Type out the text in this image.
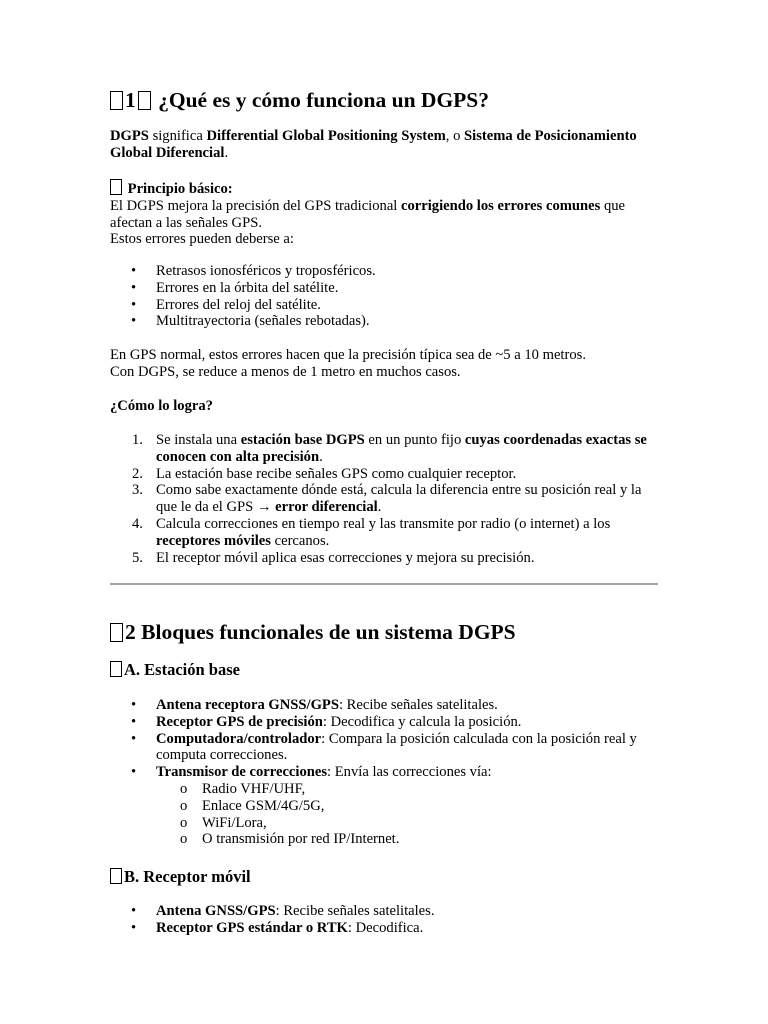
1 ¿Qué es y cómo funciona un DGPS?

DGPS significa Differential Global Positioning System, o Sistema de Posicionamiento Global Diferencial.

Principio básico:
El DGPS mejora la precisión del GPS tradicional corrigiendo los errores comunes que afectan a las señales GPS.
Estos errores pueden deberse a:

• Retrasos ionosféricos y troposféricos.
• Errores en la órbita del satélite.
• Errores del reloj del satélite.
• Multitrayectoria (señales rebotadas).

En GPS normal, estos errores hacen que la precisión típica sea de ~5 a 10 metros.
Con DGPS, se reduce a menos de 1 metro en muchos casos.

¿Cómo lo logra?

1. Se instala una estación base DGPS en un punto fijo cuyas coordenadas exactas se conocen con alta precisión.
2. La estación base recibe señales GPS como cualquier receptor.
3. Como sabe exactamente dónde está, calcula la diferencia entre su posición real y la que le da el GPS → error diferencial.
4. Calcula correcciones en tiempo real y las transmite por radio (o internet) a los receptores móviles cercanos.
5. El receptor móvil aplica esas correcciones y mejora su precisión.
2 Bloques funcionales de un sistema DGPS
A. Estación base
• Antena receptora GNSS/GPS: Recibe señales satelitales.
• Receptor GPS de precisión: Decodifica y calcula la posición.
• Computadora/controlador: Compara la posición calculada con la posición real y computa correcciones.
• Transmisor de correcciones: Envía las correcciones vía:
o Radio VHF/UHF,
o Enlace GSM/4G/5G,
o WiFi/Lora,
o O transmisión por red IP/Internet.
B. Receptor móvil
• Antena GNSS/GPS: Recibe señales satelitales.
• Receptor GPS estándar o RTK: Decodifica.
